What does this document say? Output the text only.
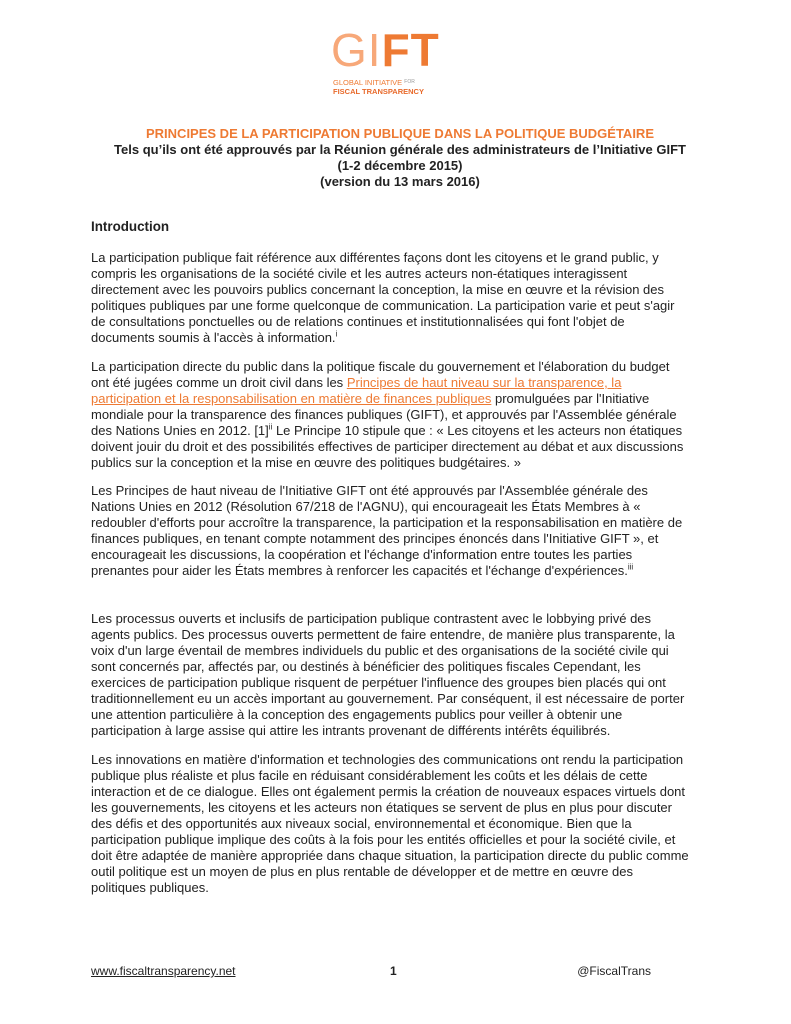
GIFT
GLOBAL INITIATIVE $^{FOR}$
FISCAL TRANSPARENCY
PRINCIPES DE LA PARTICIPATION PUBLIQUE DANS LA POLITIQUE BUDGÉTAIRE
Tels qu’ils ont été approuvés par la Réunion générale des administrateurs de l’Initiative GIFT
(1-2 décembre 2015)
(version du 13 mars 2016)
Introduction

La participation publique fait référence aux différentes façons dont les citoyens et le grand public, y compris les organisations de la société civile et les autres acteurs non-étatiques interagissent directement avec les pouvoirs publics concernant la conception, la mise en œuvre et la révision des politiques publiques par une forme quelconque de communication. La participation varie et peut s'agir de consultations ponctuelles ou de relations continues et institutionnalisées qui font l'objet de documents soumis à l'accès à information.$^i$

La participation directe du public dans la politique fiscale du gouvernement et l'élaboration du budget ont été jugées comme un droit civil dans les Principes de haut niveau sur la transparence, la participation et la responsabilisation en matière de finances publiques promulguées par l'Initiative mondiale pour la transparence des finances publiques (GIFT), et approuvés par l'Assemblée générale des Nations Unies en 2012. [1]$^{ii}$ Le Principe 10 stipule que : « Les citoyens et les acteurs non étatiques doivent jouir du droit et des possibilités effectives de participer directement au débat et aux discussions publics sur la conception et la mise en œuvre des politiques budgétaires. »

Les Principes de haut niveau de l'Initiative GIFT ont été approuvés par l'Assemblée générale des Nations Unies en 2012 (Résolution 67/218 de l'AGNU), qui encourageait les États Membres à « redoubler d'efforts pour accroître la transparence, la participation et la responsabilisation en matière de finances publiques, en tenant compte notamment des principes énoncés dans l'Initiative GIFT », et encourageait les discussions, la coopération et l'échange d'information entre toutes les parties prenantes pour aider les États membres à renforcer les capacités et l'échange d'expériences.$^{iii}$

Les processus ouverts et inclusifs de participation publique contrastent avec le lobbying privé des agents publics. Des processus ouverts permettent de faire entendre, de manière plus transparente, la voix d'un large éventail de membres individuels du public et des organisations de la société civile qui sont concernés par, affectés par, ou destinés à bénéficier des politiques fiscales Cependant, les exercices de participation publique risquent de perpétuer l'influence des groupes bien placés qui ont traditionnellement eu un accès important au gouvernement. Par conséquent, il est nécessaire de porter une attention particulière à la conception des engagements publics pour veiller à obtenir une participation à large assise qui attire les intrants provenant de différents intérêts équilibrés.

Les innovations en matière d'information et technologies des communications ont rendu la participation publique plus réaliste et plus facile en réduisant considérablement les coûts et les délais de cette interaction et de ce dialogue. Elles ont également permis la création de nouveaux espaces virtuels dont les gouvernements, les citoyens et les acteurs non étatiques se servent de plus en plus pour discuter des défis et des opportunités aux niveaux social, environnemental et économique. Bien que la participation publique implique des coûts à la fois pour les entités officielles et pour la société civile, et doit être adaptée de manière appropriée dans chaque situation, la participation directe du public comme outil politique est un moyen de plus en plus rentable de développer et de mettre en œuvre des politiques publiques.

www.fiscaltransparency.net	1	@FiscalTrans
